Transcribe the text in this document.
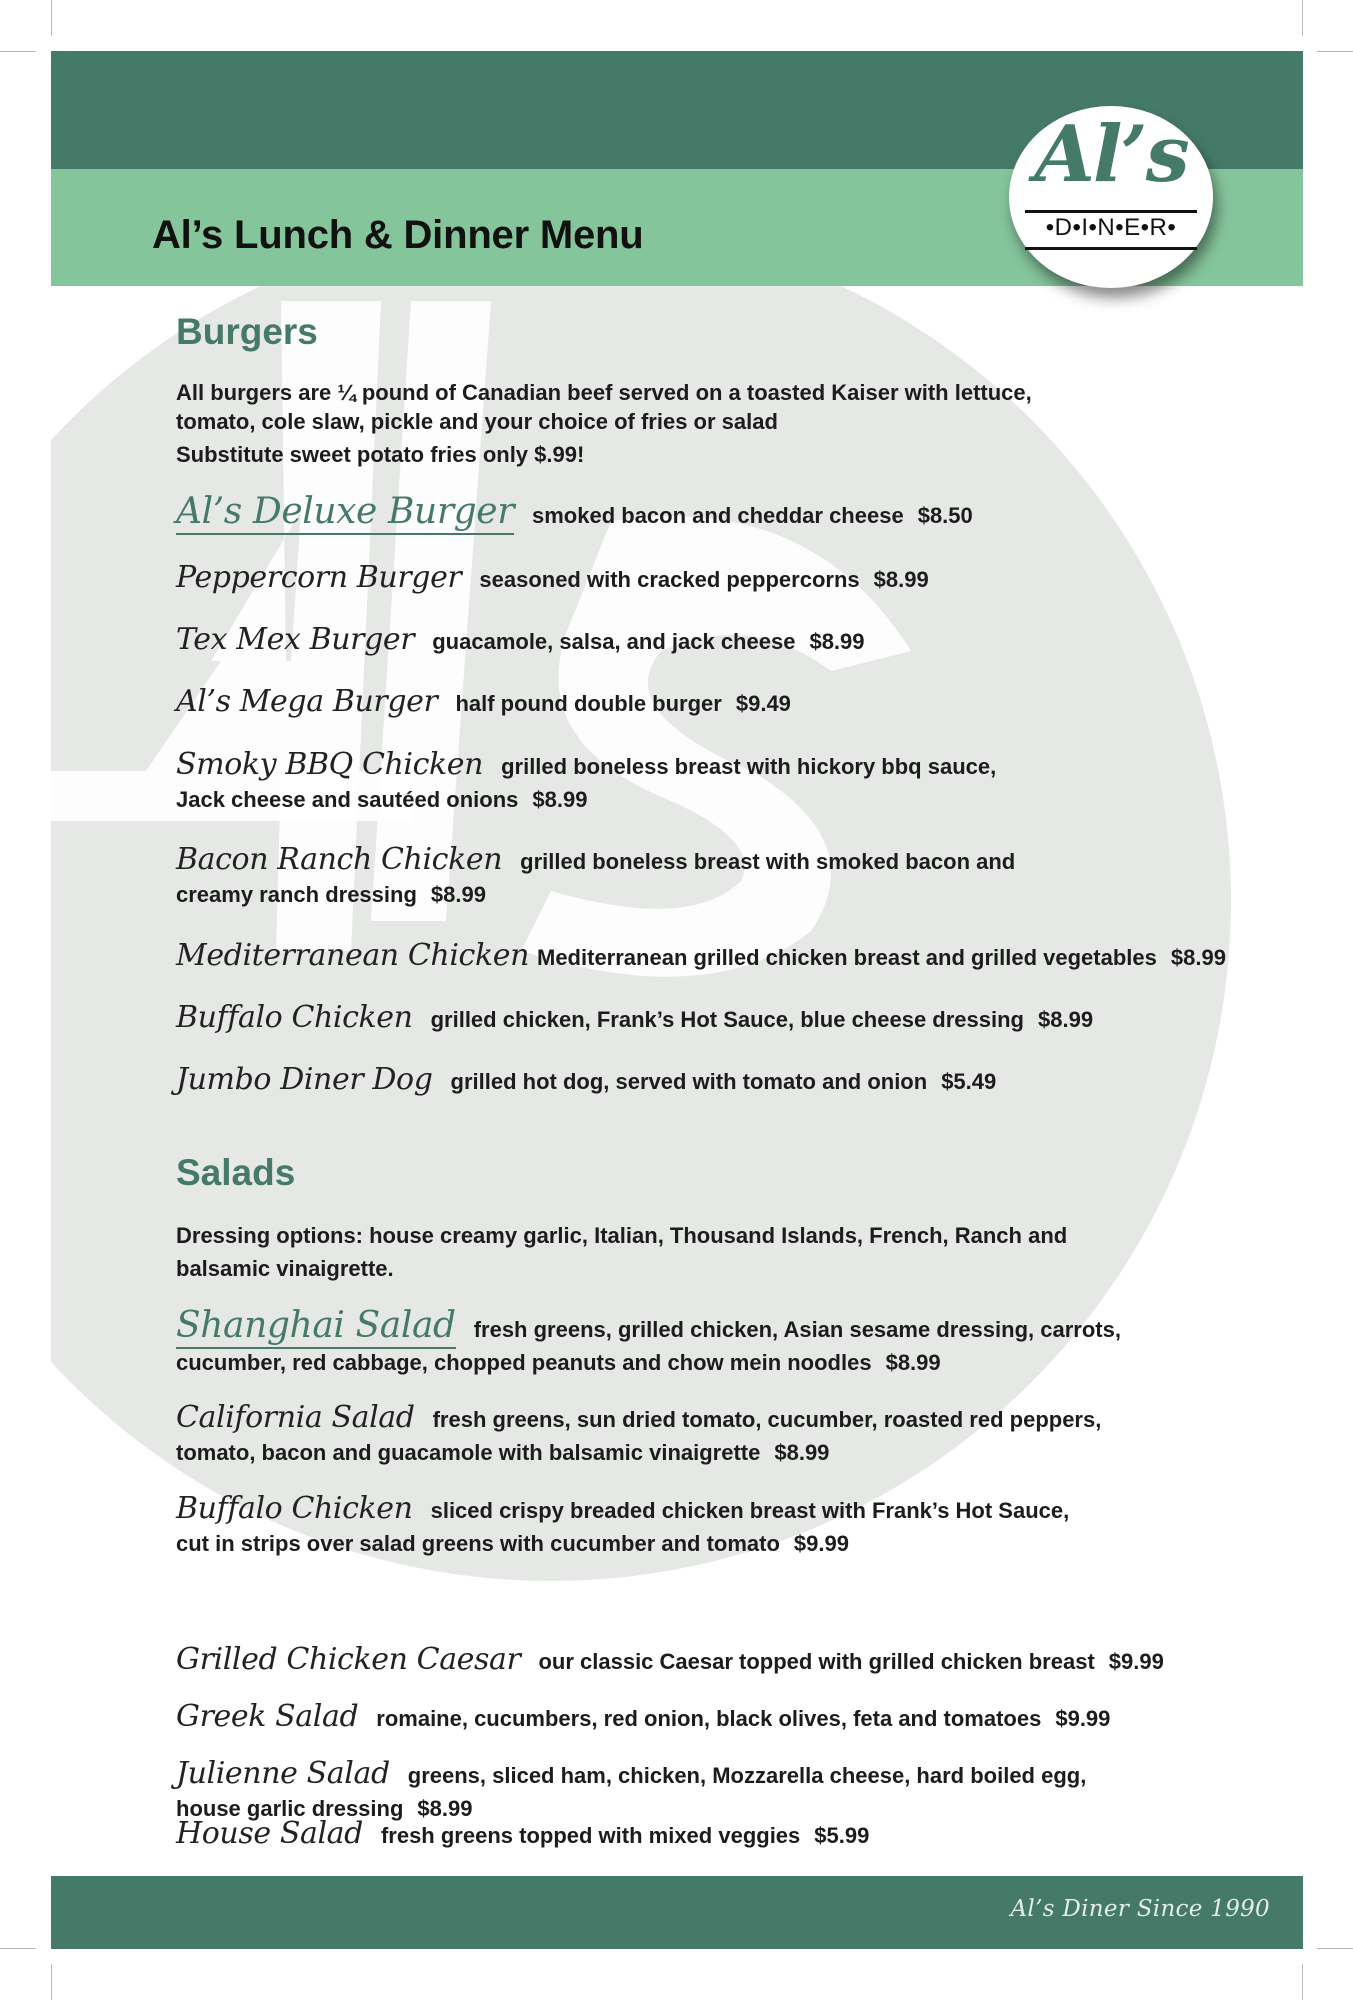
Al’s Lunch & Dinner Menu
Al’s
•D•I•N•E•R•
Burgers

All burgers are ¼ pound of Canadian beef served on a toasted Kaiser with lettuce,
tomato, cole slaw, pickle and your choice of fries or salad
Substitute sweet potato fries only $.99!

Al’s Deluxe Burger smoked bacon and cheddar cheese $8.50

Peppercorn Burger seasoned with cracked peppercorns $8.99

Tex Mex Burger guacamole, salsa, and jack cheese $8.99

Al’s Mega Burger half pound double burger $9.49

Smoky BBQ Chicken grilled boneless breast with hickory bbq sauce,
Jack cheese and sautéed onions $8.99

Bacon Ranch Chicken grilled boneless breast with smoked bacon and
creamy ranch dressing $8.99

Mediterranean Chicken Mediterranean grilled chicken breast and grilled vegetables $8.99

Buffalo Chicken grilled chicken, Frank’s Hot Sauce, blue cheese dressing $8.99

Jumbo Diner Dog grilled hot dog, served with tomato and onion $5.49

Salads

Dressing options: house creamy garlic, Italian, Thousand Islands, French, Ranch and
balsamic vinaigrette.

Shanghai Salad fresh greens, grilled chicken, Asian sesame dressing, carrots,
cucumber, red cabbage, chopped peanuts and chow mein noodles $8.99

California Salad fresh greens, sun dried tomato, cucumber, roasted red peppers,
tomato, bacon and guacamole with balsamic vinaigrette $8.99

Buffalo Chicken sliced crispy breaded chicken breast with Frank’s Hot Sauce,
cut in strips over salad greens with cucumber and tomato $9.99

Grilled Chicken Caesar our classic Caesar topped with grilled chicken breast $9.99

Greek Salad romaine, cucumbers, red onion, black olives, feta and tomatoes $9.99

Julienne Salad greens, sliced ham, chicken, Mozzarella cheese, hard boiled egg,
house garlic dressing $8.99

House Salad fresh greens topped with mixed veggies $5.99

Al’s Diner Since 1990
